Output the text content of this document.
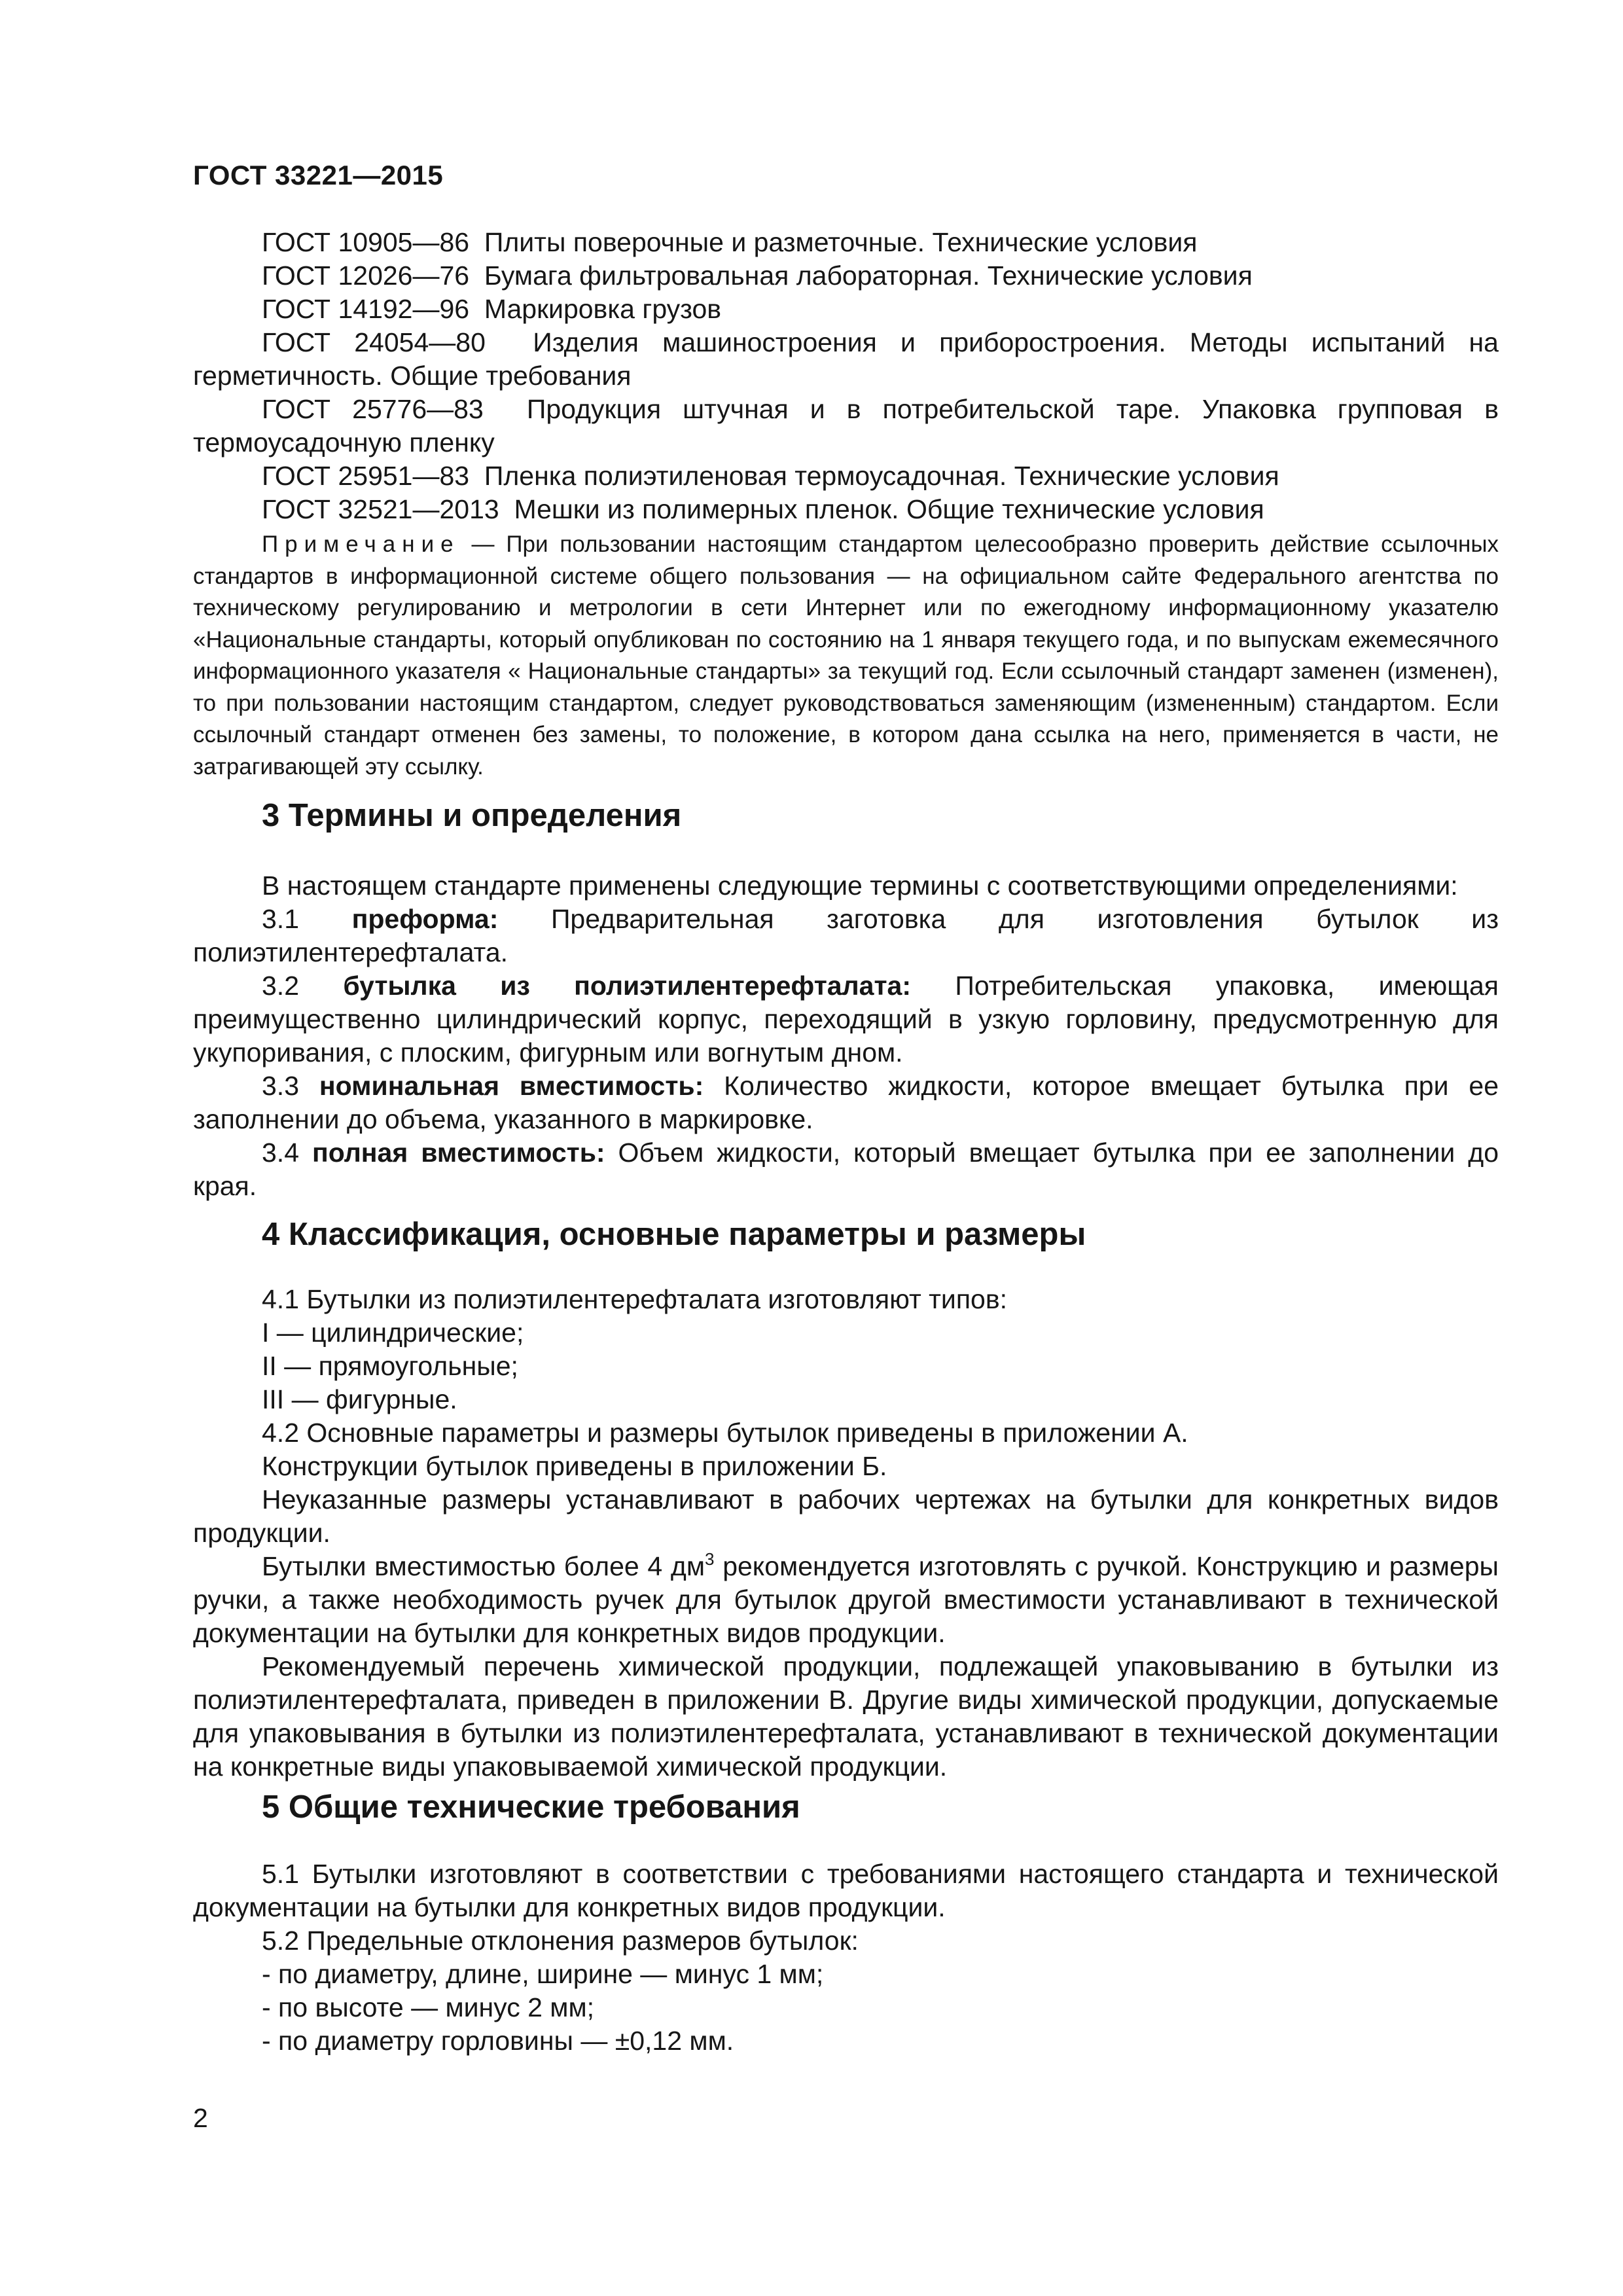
ГОСТ 33221—2015

ГОСТ 10905—86 Плиты поверочные и разметочные. Технические условия

ГОСТ 12026—76 Бумага фильтровальная лабораторная. Технические условия

ГОСТ 14192—96 Маркировка грузов

ГОСТ 24054—80 Изделия машиностроения и приборостроения. Методы испытаний на герметичность. Общие требования

ГОСТ 25776—83 Продукция штучная и в потребительской таре. Упаковка групповая в термоусадочную пленку

ГОСТ 25951—83 Пленка полиэтиленовая термоусадочная. Технические условия

ГОСТ 32521—2013 Мешки из полимерных пленок. Общие технические условия

Примечание — При пользовании настоящим стандартом целесообразно проверить действие ссылочных стандартов в информационной системе общего пользования — на официальном сайте Федерального агентства по техническому регулированию и метрологии в сети Интернет или по ежегодному информационному указателю «Национальные стандарты, который опубликован по состоянию на 1 января текущего года, и по выпускам ежемесячного информационного указателя « Национальные стандарты» за текущий год. Если ссылочный стандарт заменен (изменен), то при пользовании настоящим стандартом, следует руководствоваться заменяющим (измененным) стандартом. Если ссылочный стандарт отменен без замены, то положение, в котором дана ссылка на него, применяется в части, не затрагивающей эту ссылку.

3 Термины и определения

В настоящем стандарте применены следующие термины с соответствующими определениями:

3.1 преформа: Предварительная заготовка для изготовления бутылок из полиэтилентерефталата.

3.2 бутылка из полиэтилентерефталата: Потребительская упаковка, имеющая преимущественно цилиндрический корпус, переходящий в узкую горловину, предусмотренную для укупоривания, с плоским, фигурным или вогнутым дном.

3.3 номинальная вместимость: Количество жидкости, которое вмещает бутылка при ее заполнении до объема, указанного в маркировке.

3.4 полная вместимость: Объем жидкости, который вмещает бутылка при ее заполнении до края.

4 Классификация, основные параметры и размеры

4.1 Бутылки из полиэтилентерефталата изготовляют типов:

I — цилиндрические;

II — прямоугольные;

III — фигурные.

4.2 Основные параметры и размеры бутылок приведены в приложении А.

Конструкции бутылок приведены в приложении Б.

Неуказанные размеры устанавливают в рабочих чертежах на бутылки для конкретных видов продукции.

Бутылки вместимостью более 4 $дм^3$ рекомендуется изготовлять с ручкой. Конструкцию и размеры ручки, а также необходимость ручек для бутылок другой вместимости устанавливают в технической документации на бутылки для конкретных видов продукции.

Рекомендуемый перечень химической продукции, подлежащей упаковыванию в бутылки из полиэтилентерефталата, приведен в приложении В. Другие виды химической продукции, допускаемые для упаковывания в бутылки из полиэтилентерефталата, устанавливают в технической документации на конкретные виды упаковываемой химической продукции.

5 Общие технические требования

5.1 Бутылки изготовляют в соответствии с требованиями настоящего стандарта и технической документации на бутылки для конкретных видов продукции.

5.2 Предельные отклонения размеров бутылок:

- по диаметру, длине, ширине — минус 1 мм;

- по высоте — минус 2 мм;

- по диаметру горловины — ±0,12 мм.

2
